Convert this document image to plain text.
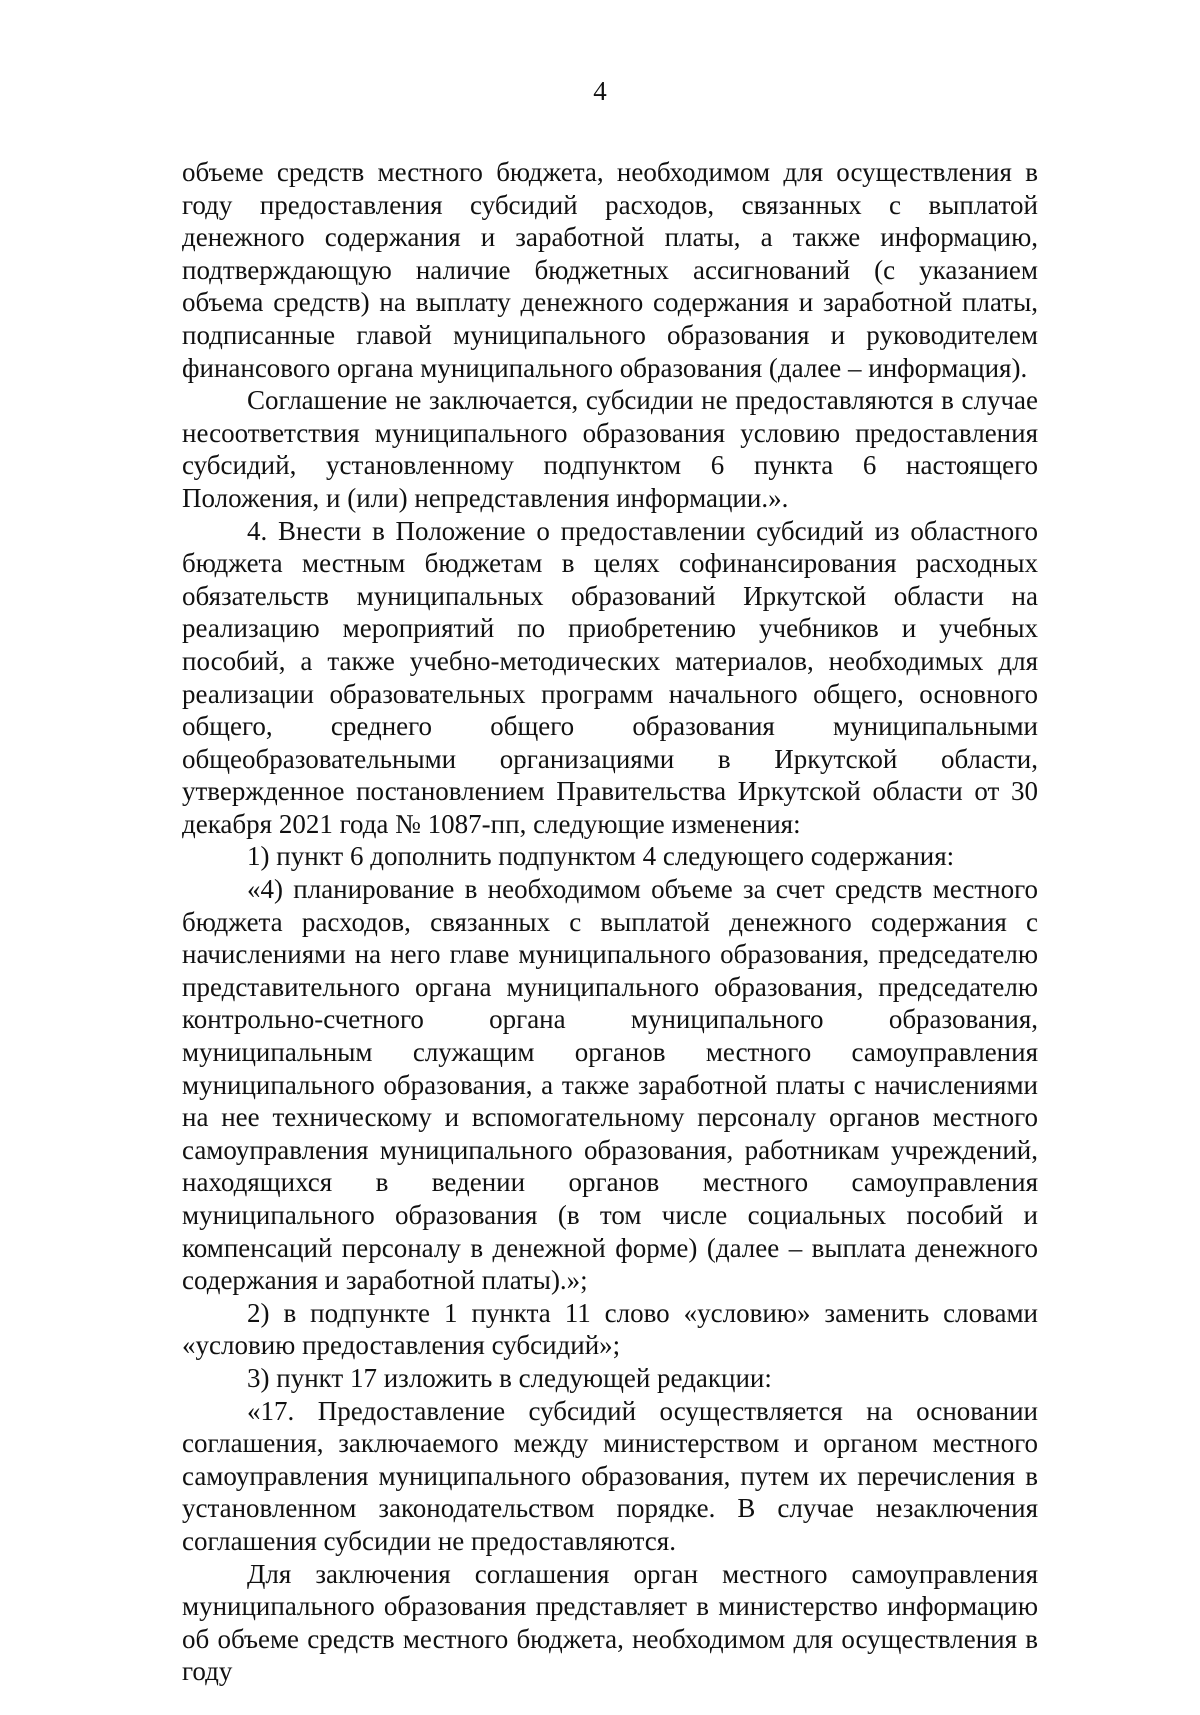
4

объеме средств местного бюджета, необходимом для осуществления в году предоставления субсидий расходов, связанных с выплатой денежного содержания и заработной платы, а также информацию, подтверждающую наличие бюджетных ассигнований (с указанием объема средств) на выплату денежного содержания и заработной платы, подписанные главой муниципального образования и руководителем финансового органа муниципального образования (далее – информация).

Соглашение не заключается, субсидии не предоставляются в случае несоответствия муниципального образования условию предоставления субсидий, установленному подпунктом 6 пункта 6 настоящего Положения, и (или) непредставления информации.».

4. Внести в Положение о предоставлении субсидий из областного бюджета местным бюджетам в целях софинансирования расходных обязательств муниципальных образований Иркутской области на реализацию мероприятий по приобретению учебников и учебных пособий, а также учебно-методических материалов, необходимых для реализации образовательных программ начального общего, основного общего, среднего общего образования муниципальными общеобразовательными организациями в Иркутской области, утвержденное постановлением Правительства Иркутской области от 30 декабря 2021 года № 1087-пп, следующие изменения:

1) пункт 6 дополнить подпунктом 4 следующего содержания:

«4) планирование в необходимом объеме за счет средств местного бюджета расходов, связанных с выплатой денежного содержания с начислениями на него главе муниципального образования, председателю представительного органа муниципального образования, председателю контрольно-счетного органа муниципального образования, муниципальным служащим органов местного самоуправления муниципального образования, а также заработной платы с начислениями на нее техническому и вспомогательному персоналу органов местного самоуправления муниципального образования, работникам учреждений, находящихся в ведении органов местного самоуправления муниципального образования (в том числе социальных пособий и компенсаций персоналу в денежной форме) (далее – выплата денежного содержания и заработной платы).»;

2) в подпункте 1 пункта 11 слово «условию» заменить словами «условию предоставления субсидий»;

3) пункт 17 изложить в следующей редакции:

«17. Предоставление субсидий осуществляется на основании соглашения, заключаемого между министерством и органом местного самоуправления муниципального образования, путем их перечисления в установленном законодательством порядке. В случае незаключения соглашения субсидии не предоставляются.

Для заключения соглашения орган местного самоуправления муниципального образования представляет в министерство информацию об объеме средств местного бюджета, необходимом для осуществления в году
